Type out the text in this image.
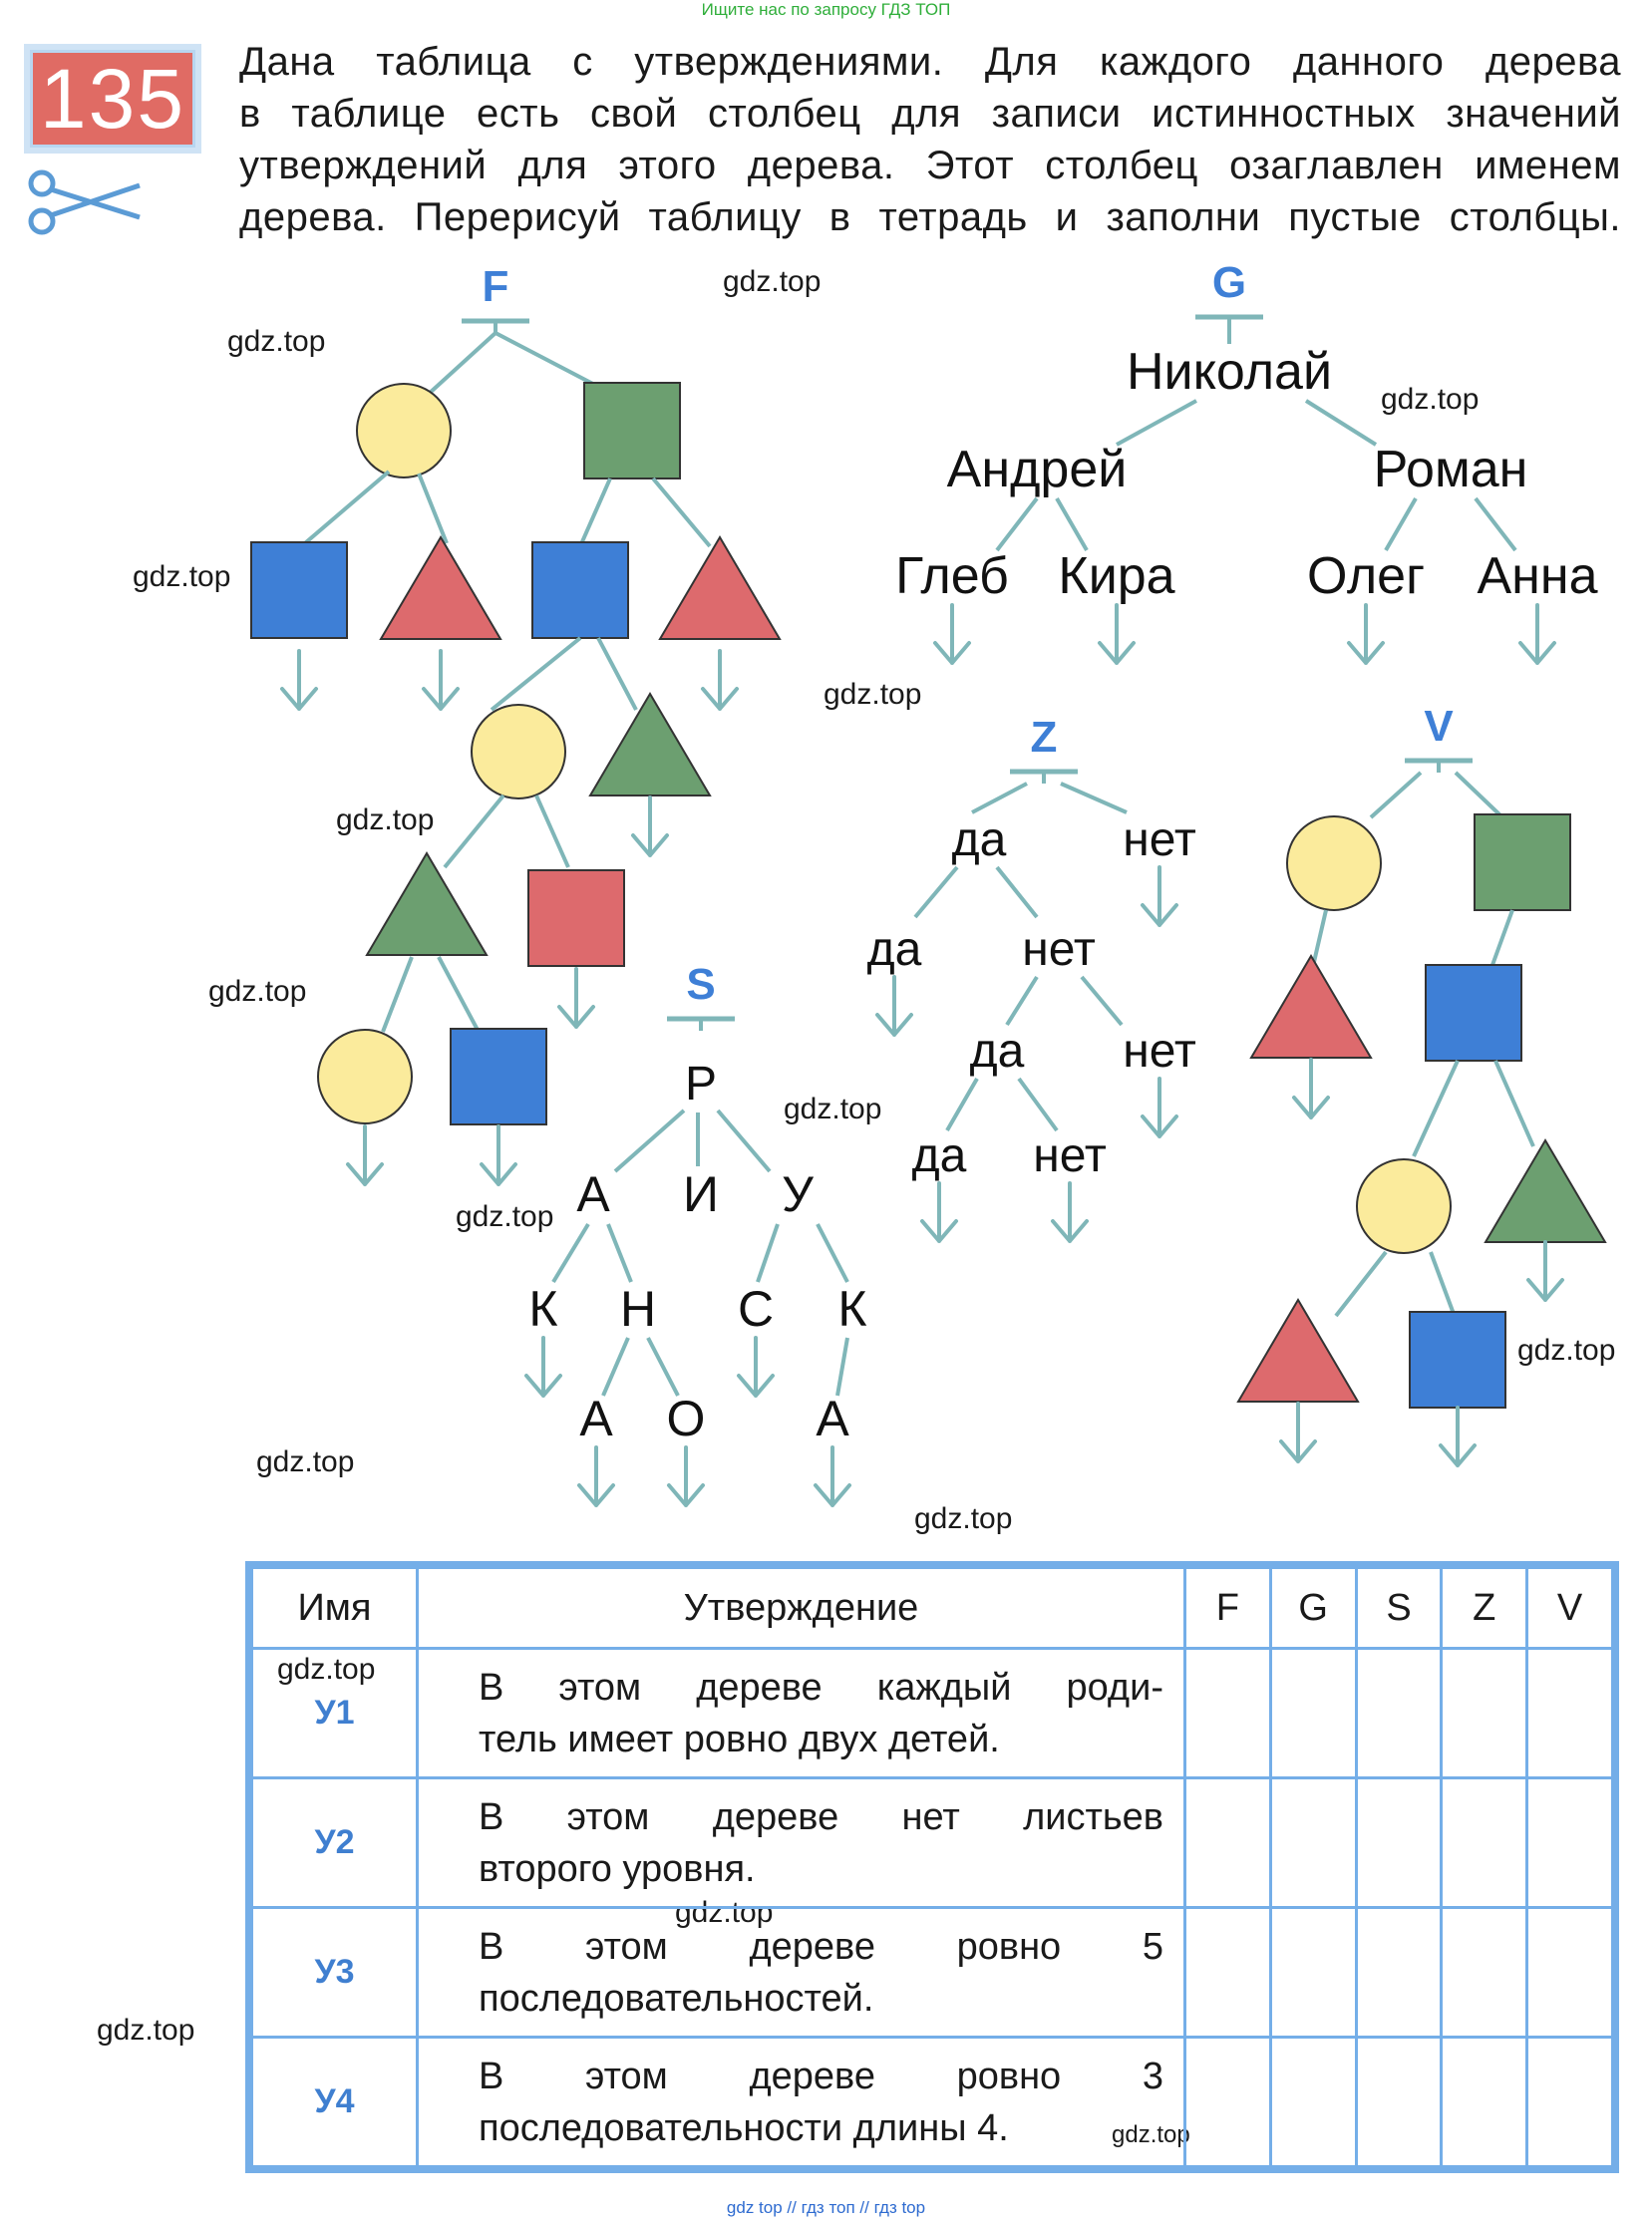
Ищите нас по запросу ГДЗ ТОП
135 Дана таблица с утверждениями. Для каждого данного дерева
в таблице есть свой столбец для записи истинностных значений
утверждений для этого дерева. Этот столбец озаглавлен именем
дерева. Перерисуй таблицу в тетрадь и заполни пустые столбцы.
F	G
Николай
Андрей	Роман
Глеб Кира	Олег Анна
S
Р
А И У
К Н С К
А О А
Z
да нет
да нет
да нет
да нет
V
gdz.top
gdz.top
gdz.top
gdz.top
gdz.top
gdz.top
gdz.top
gdz.top
gdz.top
gdz.top
gdz.top
gdz.top
gdz.top
gdz.top
gdz.top
gdz.top
Имя	Утверждение	F	G	S	Z	V
У1	В этом дереве каждый роди-
тель имеет ровно двух детей.					

У2	В этом дереве нет листьев
второго уровня.					

У3	В этом дереве ровно 5
последовательностей.					

У4	В этом дереве ровно 3
последовательности длины 4.					

gdz top // гдз топ // гдз top
